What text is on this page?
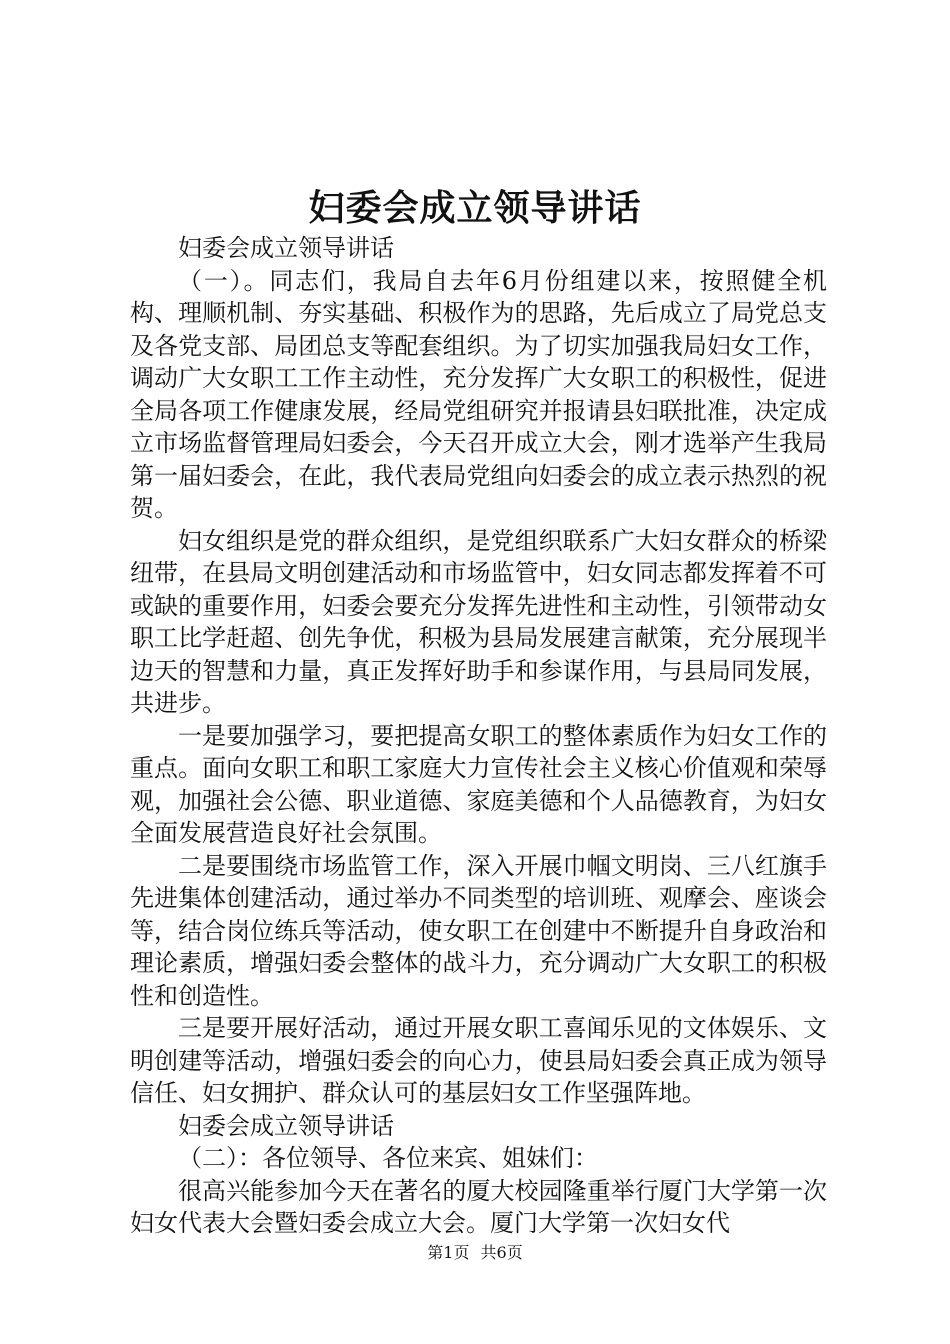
妇委会成立领导讲话

妇委会成立领导讲话

（一）。同志们，我局自去年6月份组建以来，按照健全机构、理顺机制、夯实基础、积极作为的思路，先后成立了局党总支及各党支部、局团总支等配套组织。为了切实加强我局妇女工作，调动广大女职工工作主动性，充分发挥广大女职工的积极性，促进全局各项工作健康发展，经局党组研究并报请县妇联批准，决定成立市场监督管理局妇委会，今天召开成立大会，刚才选举产生我局第一届妇委会，在此，我代表局党组向妇委会的成立表示热烈的祝贺。

妇女组织是党的群众组织，是党组织联系广大妇女群众的桥梁纽带，在县局文明创建活动和市场监管中，妇女同志都发挥着不可或缺的重要作用，妇委会要充分发挥先进性和主动性，引领带动女职工比学赶超、创先争优，积极为县局发展建言献策，充分展现半边天的智慧和力量，真正发挥好助手和参谋作用，与县局同发展，共进步。

一是要加强学习，要把提高女职工的整体素质作为妇女工作的重点。面向女职工和职工家庭大力宣传社会主义核心价值观和荣辱观，加强社会公德、职业道德、家庭美德和个人品德教育，为妇女全面发展营造良好社会氛围。

二是要围绕市场监管工作，深入开展巾帼文明岗、三八红旗手先进集体创建活动，通过举办不同类型的培训班、观摩会、座谈会等，结合岗位练兵等活动，使女职工在创建中不断提升自身政治和理论素质，增强妇委会整体的战斗力，充分调动广大女职工的积极性和创造性。

三是要开展好活动，通过开展女职工喜闻乐见的文体娱乐、文明创建等活动，增强妇委会的向心力，使县局妇委会真正成为领导信任、妇女拥护、群众认可的基层妇女工作坚强阵地。

妇委会成立领导讲话

（二）：各位领导、各位来宾、姐妹们：

很高兴能参加今天在著名的厦大校园隆重举行厦门大学第一次妇女代表大会暨妇委会成立大会。厦门大学第一次妇女代

第1页 共6页
